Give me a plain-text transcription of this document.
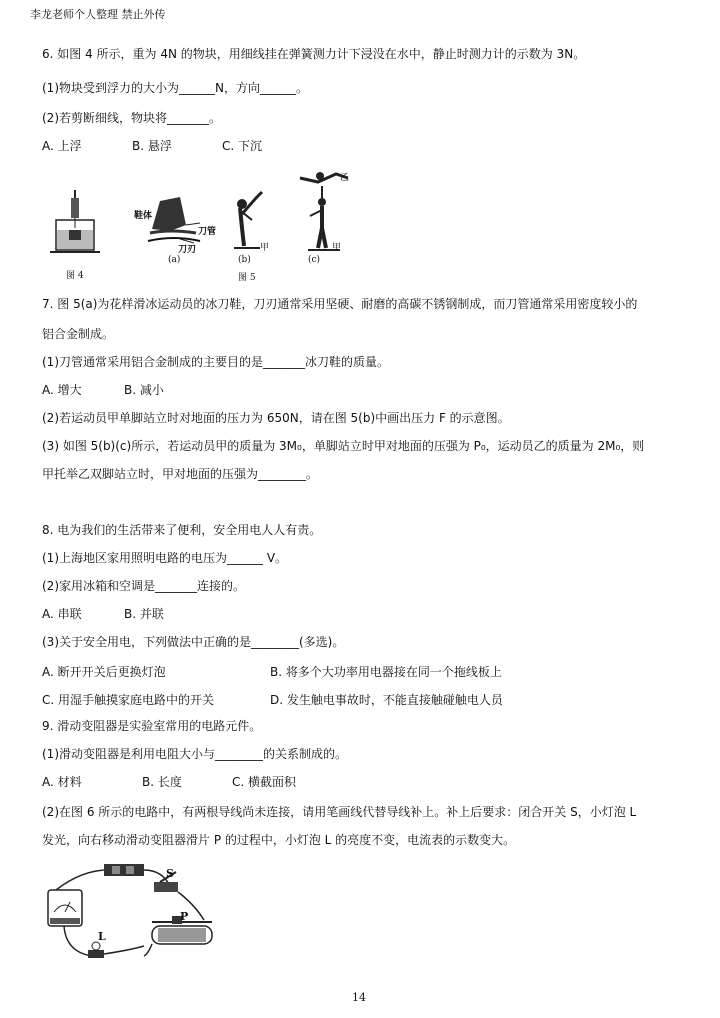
李龙老师个人整理 禁止外传
6. 如图 4 所示，重为 4N 的物块，用细线挂在弹簧测力计下浸没在水中，静止时测力计的示数为 3N。
(1)物块受到浮力的大小为______N，方向______。
(2)若剪断细线，物块将_______。
A. 上浮	B. 悬浮	C. 下沉
图 4
鞋体
刀管
刀刃
(a)
甲
(b)
乙
甲
(c)
图 5
7. 图 5(a)为花样滑冰运动员的冰刀鞋，刀刃通常采用坚硬、耐磨的高碳不锈钢制成，而刀管通常采用密度较小的
铝合金制成。
(1)刀管通常采用铝合金制成的主要目的是_______冰刀鞋的质量。
A. 增大	B. 减小
(2)若运动员甲单脚站立时对地面的压力为 650N，请在图 5(b)中画出压力 F 的示意图。
(3) 如图 5(b)(c)所示，若运动员甲的质量为 3M₀，单脚站立时甲对地面的压强为 P₀，运动员乙的质量为 2M₀，则
甲托举乙双脚站立时，甲对地面的压强为________。
8. 电为我们的生活带来了便利，安全用电人人有责。
(1)上海地区家用照明电路的电压为______ V。
(2)家用冰箱和空调是_______连接的。
A. 串联	B. 并联
(3)关于安全用电，下列做法中正确的是________(多选)。
A. 断开开关后更换灯泡	B. 将多个大功率用电器接在同一个拖线板上
C. 用湿手触摸家庭电路中的开关	D. 发生触电事故时，不能直接触碰触电人员
9. 滑动变阻器是实验室常用的电路元件。
(1)滑动变阻器是利用电阻大小与________的关系制成的。
A. 材料	B. 长度	C. 横截面积
(2)在图 6 所示的电路中，有两根导线尚未连接，请用笔画线代替导线补上。补上后要求：闭合开关 S，小灯泡 L
发光，向右移动滑动变阻器滑片 P 的过程中，小灯泡 L 的亮度不变，电流表的示数变大。
S
P
L
14
